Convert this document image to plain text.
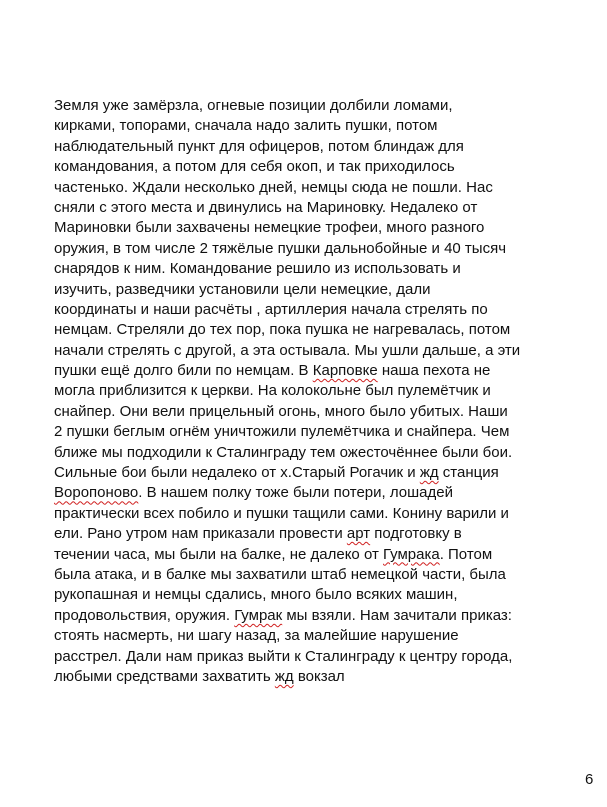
Земля уже замёрзла, огневые позиции долбили ломами,
кирками, топорами, сначала надо залить пушки, потом
наблюдательный пункт для офицеров, потом блиндаж для
командования, а потом для себя окоп, и так приходилось
частенько. Ждали несколько дней, немцы сюда не пошли. Нас
сняли с этого места и двинулись на Мариновку. Недалеко от
Мариновки были захвачены немецкие трофеи, много разного
оружия, в том числе 2 тяжёлые пушки дальнобойные и 40 тысяч
снарядов к ним. Командование решило из использовать и
изучить, разведчики установили цели немецкие, дали
координаты и наши расчёты , артиллерия начала стрелять по
немцам. Стреляли до тех пор, пока пушка не нагревалась, потом
начали стрелять с другой, а эта остывала. Мы ушли дальше, а эти
пушки ещё долго били по немцам. В Карповке наша пехота не
могла приблизится к церкви. На колокольне был пулемётчик и
снайпер. Они вели прицельный огонь, много было убитых. Наши
2 пушки беглым огнём уничтожили пулемётчика и снайпера. Чем
ближе мы подходили к Сталинграду тем ожесточённее были бои.
Сильные бои были недалеко от х.Старый Рогачик и жд станция
Воропоново. В нашем полку тоже были потери, лошадей
практически всех побило и пушки тащили сами. Конину варили и
ели. Рано утром нам приказали провести арт подготовку в
течении часа, мы были на балке, не далеко от Гумрака. Потом
была атака, и в балке мы захватили штаб немецкой части, была
рукопашная и немцы сдались, много было всяких машин,
продовольствия, оружия. Гумрак мы взяли. Нам зачитали приказ:
стоять насмерть, ни шагу назад, за малейшие нарушение
расстрел. Дали нам приказ выйти к Сталинграду к центру города,
любыми средствами захватить жд вокзал
6
